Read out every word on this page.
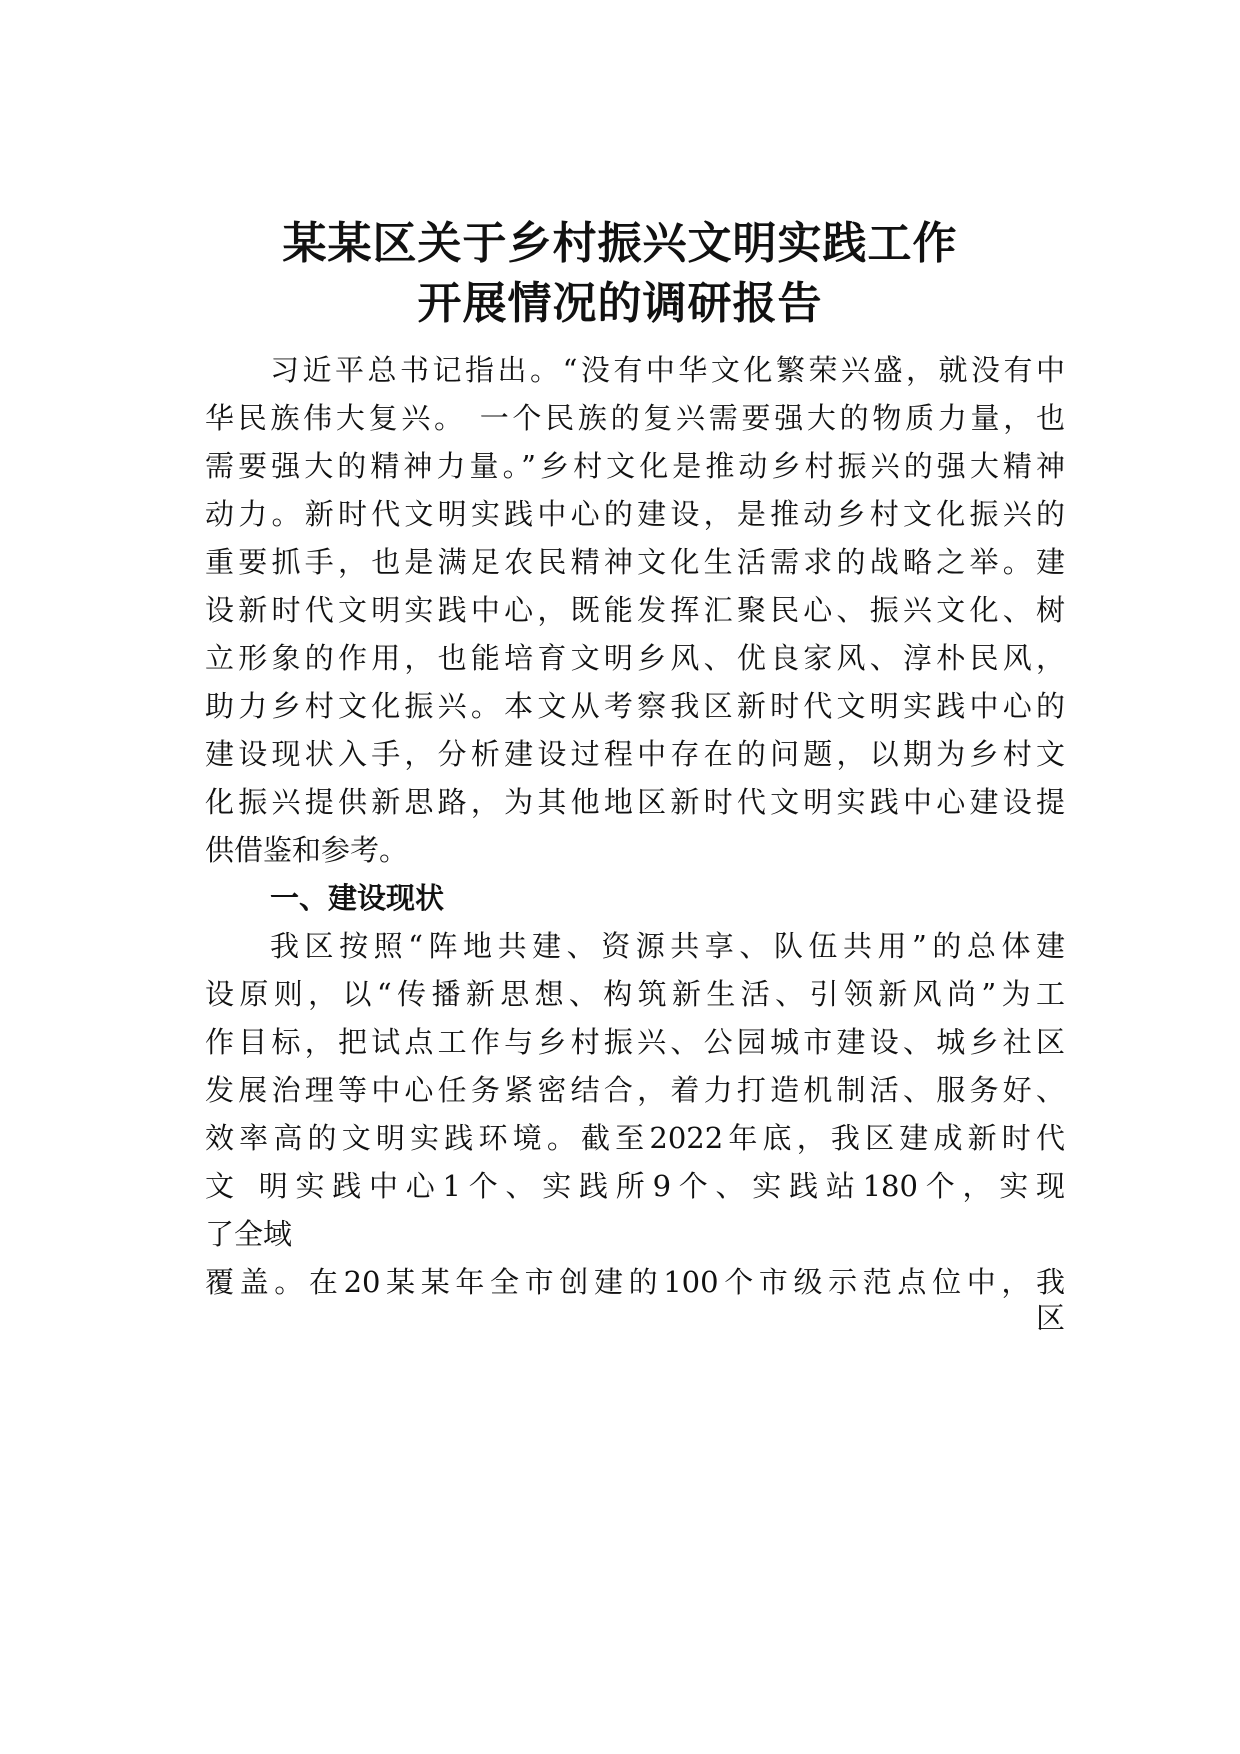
某某区关于乡村振兴文明实践工作
开展情况的调研报告
习近平总书记指出。“没有中华文化繁荣兴盛，就没有中
华民族伟大复兴。 一个民族的复兴需要强大的物质力量，也
需要强大的精神力量。”乡村文化是推动乡村振兴的强大精神
动力。新时代文明实践中心的建设，是推动乡村文化振兴的
重要抓手，也是满足农民精神文化生活需求的战略之举。建
设新时代文明实践中心，既能发挥汇聚民心、振兴文化、树
立形象的作用，也能培育文明乡风、优良家风、淳朴民风，
助力乡村文化振兴。本文从考察我区新时代文明实践中心的
建设现状入手，分析建设过程中存在的问题，以期为乡村文
化振兴提供新思路，为其他地区新时代文明实践中心建设提
供借鉴和参考。
一、建设现状
我区按照“阵地共建、资源共享、队伍共用”的总体建
设原则，以“传播新思想、构筑新生活、引领新风尚”为工
作目标，把试点工作与乡村振兴、公园城市建设、城乡社区
发展治理等中心任务紧密结合，着力打造机制活、服务好、
效率高的文明实践环境。截至2022年底，我区建成新时代
文 明实践中心1个、实践所9个、实践站180个，实现
了全域
覆盖。在20某某年全市创建的100个市级示范点位中，我
区
